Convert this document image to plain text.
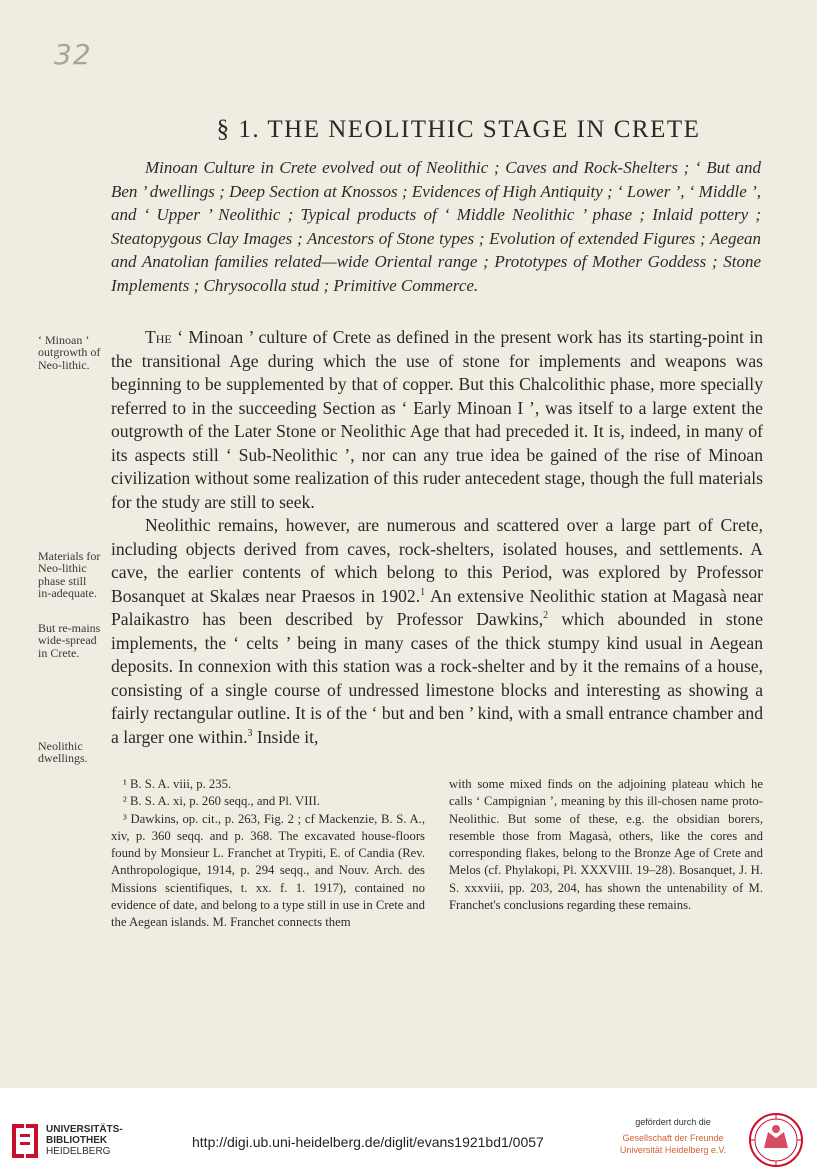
32
§ 1. THE NEOLITHIC STAGE IN CRETE

Minoan Culture in Crete evolved out of Neolithic ; Caves and Rock-Shelters ; ‘ But and Ben ’ dwellings ; Deep Section at Knossos ; Evidences of High Antiquity ; ‘ Lower ’, ‘ Middle ’, and ‘ Upper ’ Neolithic ; Typical products of ‘ Middle Neolithic ’ phase ; Inlaid pottery ; Steatopygous Clay Images ; Ancestors of Stone types ; Evolution of extended Figures ; Aegean and Anatolian families related—wide Oriental range ; Prototypes of Mother Goddess ; Stone Implements ; Chrysocolla stud ; Primitive Commerce.

The ‘ Minoan ’ culture of Crete as defined in the present work has its starting-point in the transitional Age during which the use of stone for implements and weapons was beginning to be supplemented by that of copper. But this Chalcolithic phase, more specially referred to in the succeeding Section as ‘ Early Minoan I ’, was itself to a large extent the outgrowth of the Later Stone or Neolithic Age that had preceded it. It is, indeed, in many of its aspects still ‘ Sub-Neolithic ’, nor can any true idea be gained of the rise of Minoan civilization without some realization of this ruder antecedent stage, though the full materials for the study are still to seek.

Neolithic remains, however, are numerous and scattered over a large part of Crete, including objects derived from caves, rock-shelters, isolated houses, and settlements. A cave, the earlier contents of which belong to this Period, was explored by Professor Bosanquet at Skalæs near Praesos in 1902.$^1$ An extensive Neolithic station at Magasà near Palaikastro has been described by Professor Dawkins,$^2$ which abounded in stone implements, the ‘ celts ’ being in many cases of the thick stumpy kind usual in Aegean deposits. In connexion with this station was a rock-shelter and by it the remains of a house, consisting of a single course of undressed limestone blocks and interesting as showing a fairly rectangular outline. It is of the ‘ but and ben ’ kind, with a small entrance chamber and a larger one within.$^3$ Inside it,

‘ Minoan ’ outgrowth of Neo-lithic.
Materials for Neo-lithic phase still in-adequate.
But re-mains wide-spread in Crete.
Neolithic dwellings.

¹ B. S. A. viii, p. 235.

² B. S. A. xi, p. 260 seqq., and Pl. VIII.

³ Dawkins, op. cit., p. 263, Fig. 2 ; cf Mackenzie, B. S. A., xiv, p. 360 seqq. and p. 368. The excavated house-floors found by Monsieur L. Franchet at Trypiti, E. of Candia (Rev. Anthropologique, 1914, p. 294 seqq., and Nouv. Arch. des Missions scientifiques, t. xx. f. 1. 1917), contained no evidence of date, and belong to a type still in use in Crete and the Aegean islands. M. Franchet connects them

with some mixed finds on the adjoining plateau which he calls ‘ Campignian ’, meaning by this ill-chosen name proto-Neolithic. But some of these, e.g. the obsidian borers, resemble those from Magasà, others, like the cores and corresponding flakes, belong to the Bronze Age of Crete and Melos (cf. Phylakopi, Pl. XXXVIII. 19–28). Bosanquet, J. H. S. xxxviii, pp. 203, 204, has shown the untenability of M. Franchet's conclusions regarding these remains.

UNIVERSITÄTS-
BIBLIOTHEK
HEIDELBERG
http://digi.ub.uni-heidelberg.de/diglit/evans1921bd1/0057
gefördert durch die
Gesellschaft der Freunde
Universität Heidelberg e.V.
